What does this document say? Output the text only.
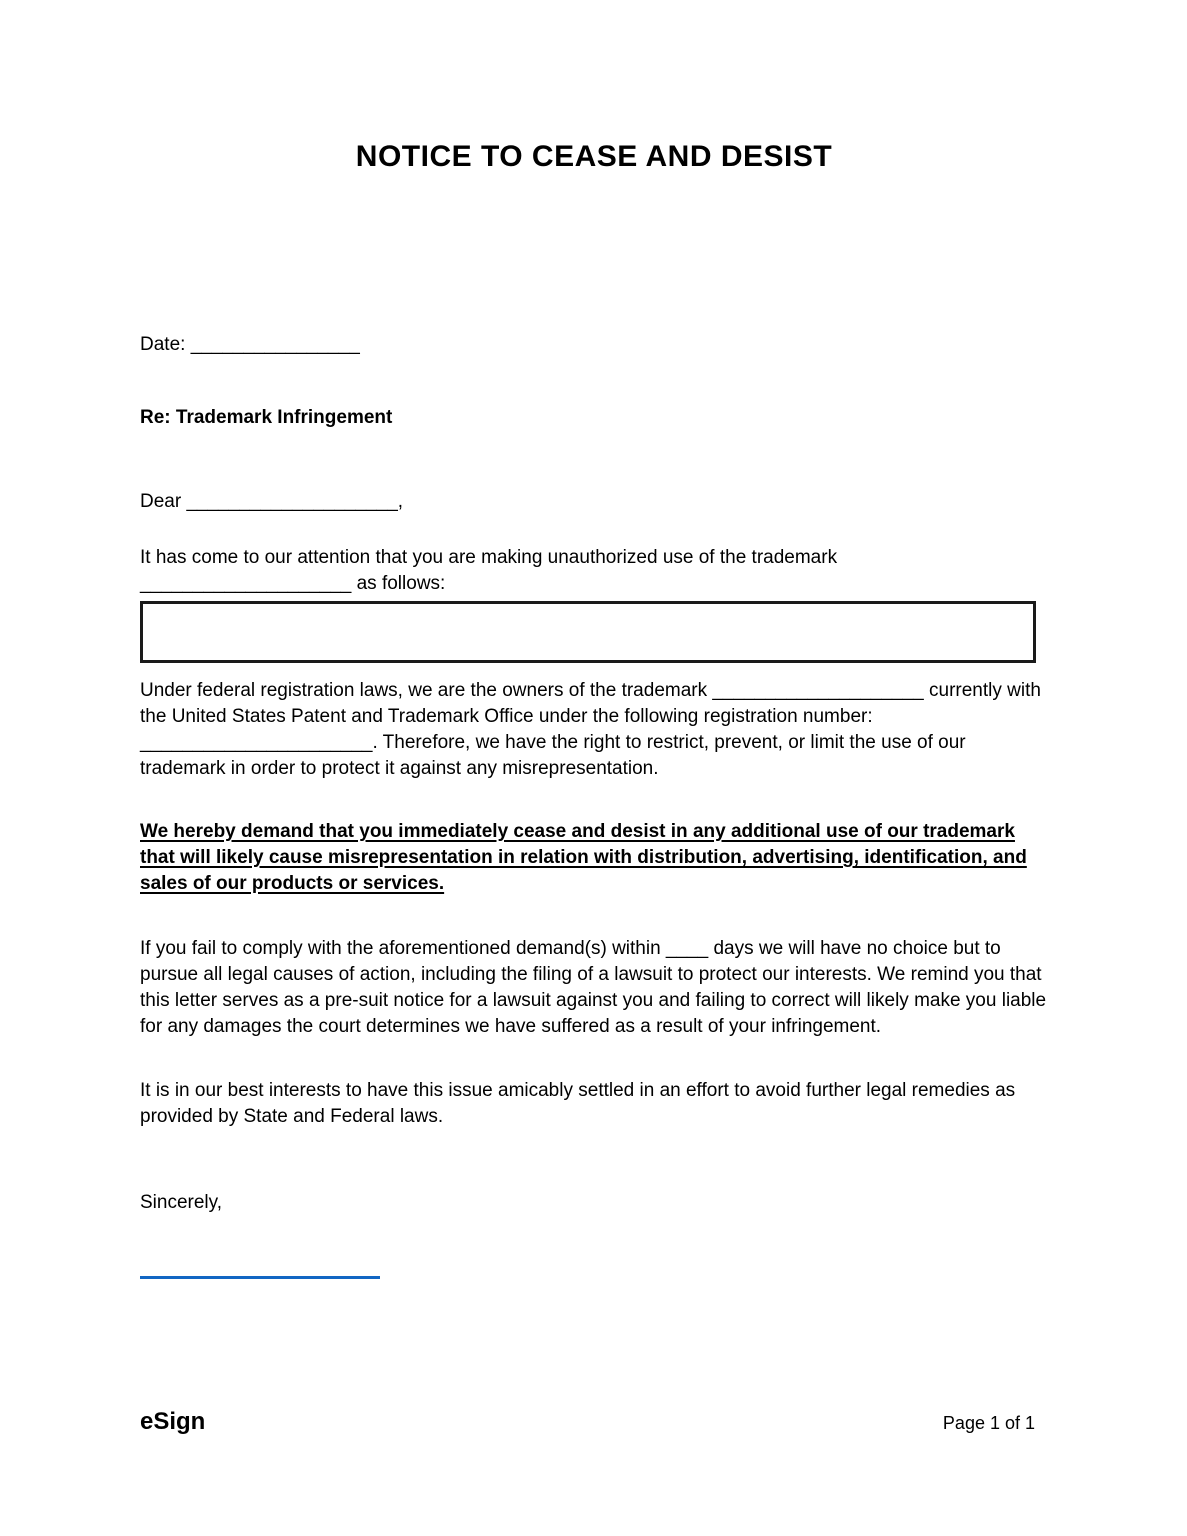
NOTICE TO CEASE AND DESIST
Date: ________________
Re: Trademark Infringement
Dear ____________________,
It has come to our attention that you are making unauthorized use of the trademark ____________________ as follows:
Under federal registration laws, we are the owners of the trademark ____________________ currently with the United States Patent and Trademark Office under the following registration number: ______________________. Therefore, we have the right to restrict, prevent, or limit the use of our trademark in order to protect it against any misrepresentation.
We hereby demand that you immediately cease and desist in any additional use of our trademark that will likely cause misrepresentation in relation with distribution, advertising, identification, and sales of our products or services.
If you fail to comply with the aforementioned demand(s) within ____ days we will have no choice but to pursue all legal causes of action, including the filing of a lawsuit to protect our interests. We remind you that this letter serves as a pre-suit notice for a lawsuit against you and failing to correct will likely make you liable for any damages the court determines we have suffered as a result of your infringement.
It is in our best interests to have this issue amicably settled in an effort to avoid further legal remedies as provided by State and Federal laws.
Sincerely,
eSign	Page 1 of 1
